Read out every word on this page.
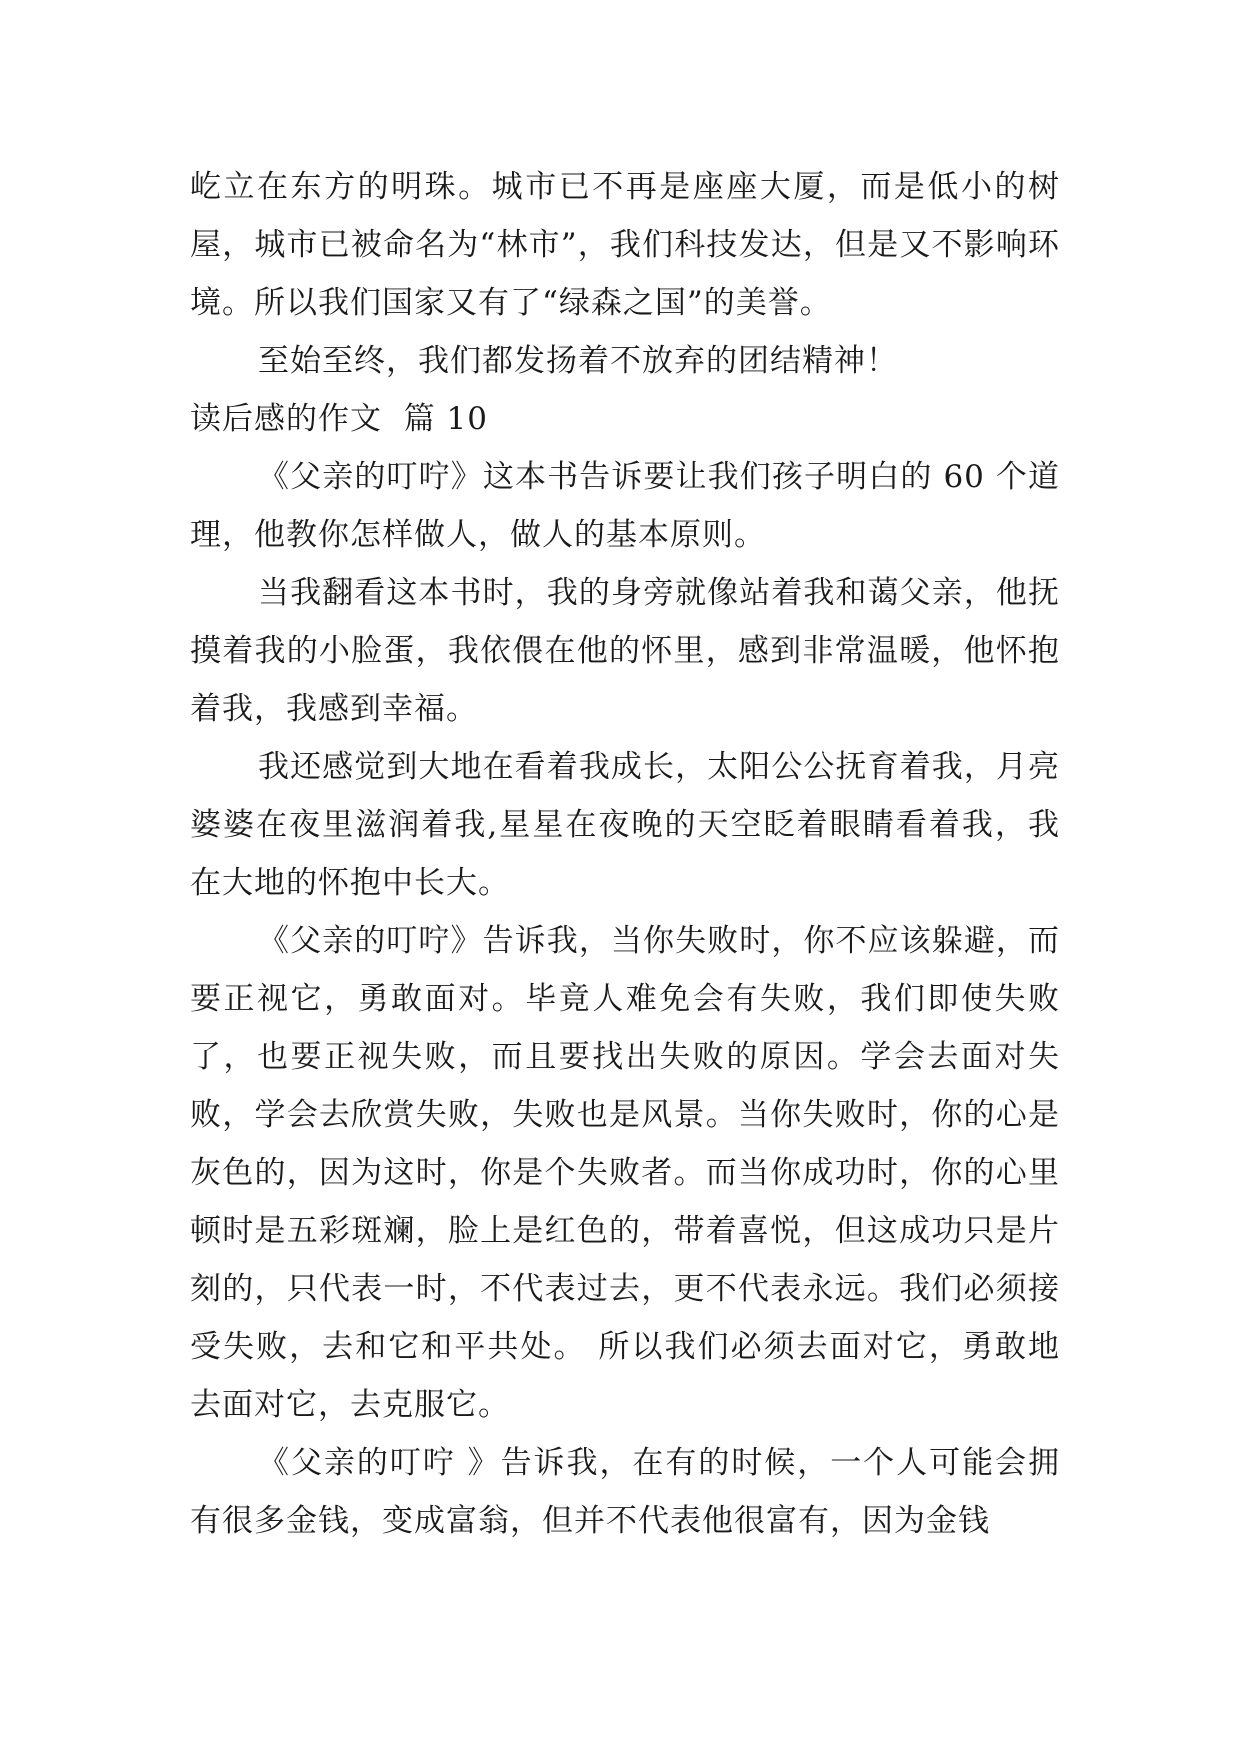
屹立在东方的明珠。城市已不再是座座大厦，而是低小的树屋，城市已被命名为“林市”，我们科技发达，但是又不影响环境。所以我们国家又有了“绿森之国”的美誉。

至始至终，我们都发扬着不放弃的团结精神！

读后感的作文  篇 10

《父亲的叮咛》这本书告诉要让我们孩子明白的 60 个道理，他教你怎样做人，做人的基本原则。

当我翻看这本书时，我的身旁就像站着我和蔼父亲，他抚摸着我的小脸蛋，我依偎在他的怀里，感到非常温暖，他怀抱着我，我感到幸福。

我还感觉到大地在看着我成长，太阳公公抚育着我，月亮婆婆在夜里滋润着我,星星在夜晚的天空眨着眼睛看着我，我在大地的怀抱中长大。

《父亲的叮咛》告诉我，当你失败时，你不应该躲避，而要正视它，勇敢面对。毕竟人难免会有失败，我们即使失败了，也要正视失败，而且要找出失败的原因。学会去面对失败，学会去欣赏失败，失败也是风景。当你失败时，你的心是灰色的，因为这时，你是个失败者。而当你成功时，你的心里顿时是五彩斑斓，脸上是红色的，带着喜悦，但这成功只是片刻的，只代表一时，不代表过去，更不代表永远。我们必须接受失败，去和它和平共处。 所以我们必须去面对它，勇敢地去面对它，去克服它。

《父亲的叮咛 》告诉我，在有的时候，一个人可能会拥有很多金钱，变成富翁，但并不代表他很富有，因为金钱
